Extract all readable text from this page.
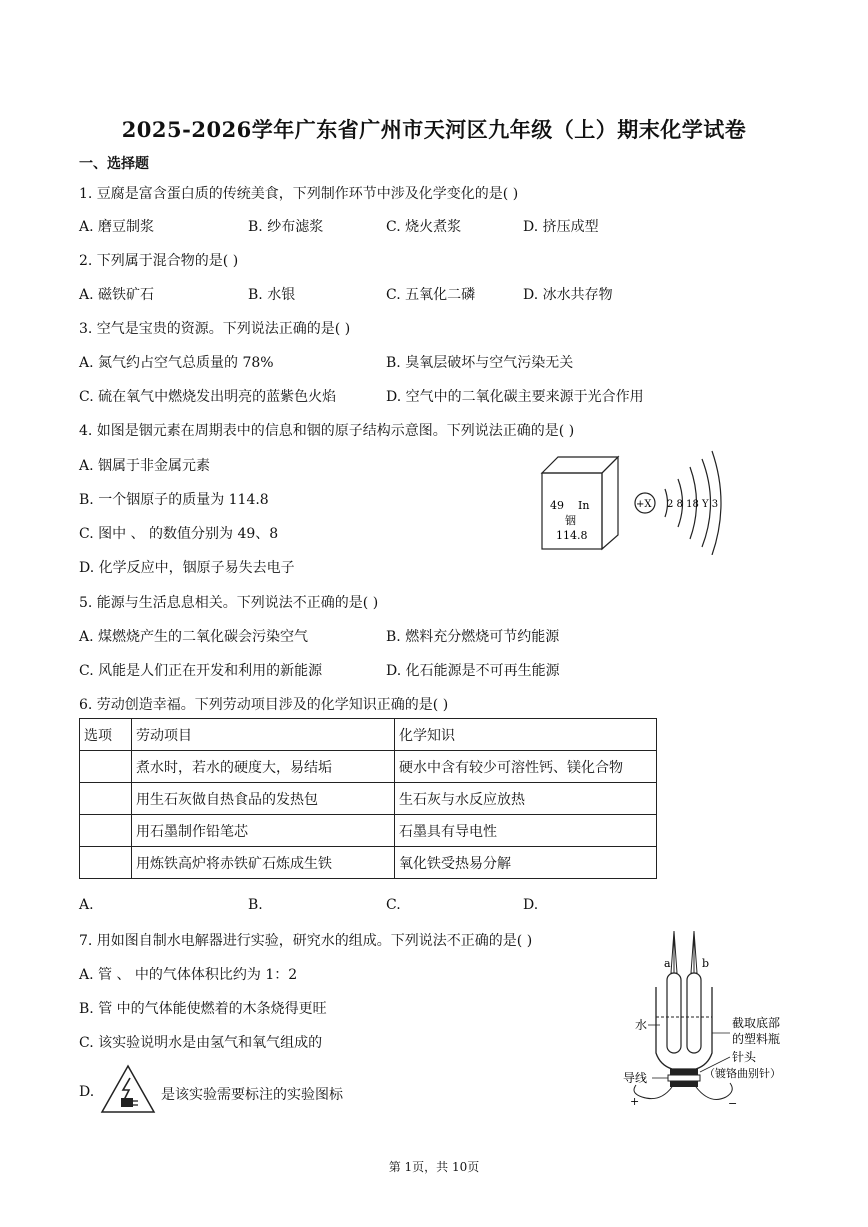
2025-2026学年广东省广州市天河区九年级（上）期末化学试卷
一、选择题
1. 豆腐是富含蛋白质的传统美食，下列制作环节中涉及化学变化的是( )
A. 磨豆制浆	B. 纱布滤浆	C. 烧火煮浆	D. 挤压成型
2. 下列属于混合物的是( )
A. 磁铁矿石	B. 水银	C. 五氧化二磷	D. 冰水共存物
3. 空气是宝贵的资源。下列说法正确的是( )
A. 氮气约占空气总质量的 78%	B. 臭氧层破坏与空气污染无关
C. 硫在氧气中燃烧发出明亮的蓝紫色火焰	D. 空气中的二氧化碳主要来源于光合作用
4. 如图是铟元素在周期表中的信息和铟的原子结构示意图。下列说法正确的是( )
A. 铟属于非金属元素
B. 一个铟原子的质量为 114.8
C. 图中 、 的数值分别为 49、8
D. 化学反应中，铟原子易失去电子
49 In
铟
114.8
+X 2 8 18 Y 3
5. 能源与生活息息相关。下列说法不正确的是( )
A. 煤燃烧产生的二氧化碳会污染空气	B. 燃料充分燃烧可节约能源
C. 风能是人们正在开发和利用的新能源	D. 化石能源是不可再生能源
6. 劳动创造幸福。下列劳动项目涉及的化学知识正确的是( )
选项	劳动项目	化学知识
	煮水时，若水的硬度大，易结垢	硬水中含有较少可溶性钙、镁化合物
	用生石灰做自热食品的发热包	生石灰与水反应放热
	用石墨制作铅笔芯	石墨具有导电性
	用炼铁高炉将赤铁矿石炼成生铁	氧化铁受热易分解
A.	B.	C.	D.
7. 用如图自制水电解器进行实验，研究水的组成。下列说法不正确的是( )
A. 管 、 中的气体体积比约为 1：2
B. 管 中的气体能使燃着的木条烧得更旺
C. 该实验说明水是由氢气和氧气组成的
D.	是该实验需要标注的实验图标
a	b
水
+	−
导线
截取底部
的塑料瓶
针头
（镀铬曲别针）
第 1页，共 10页
